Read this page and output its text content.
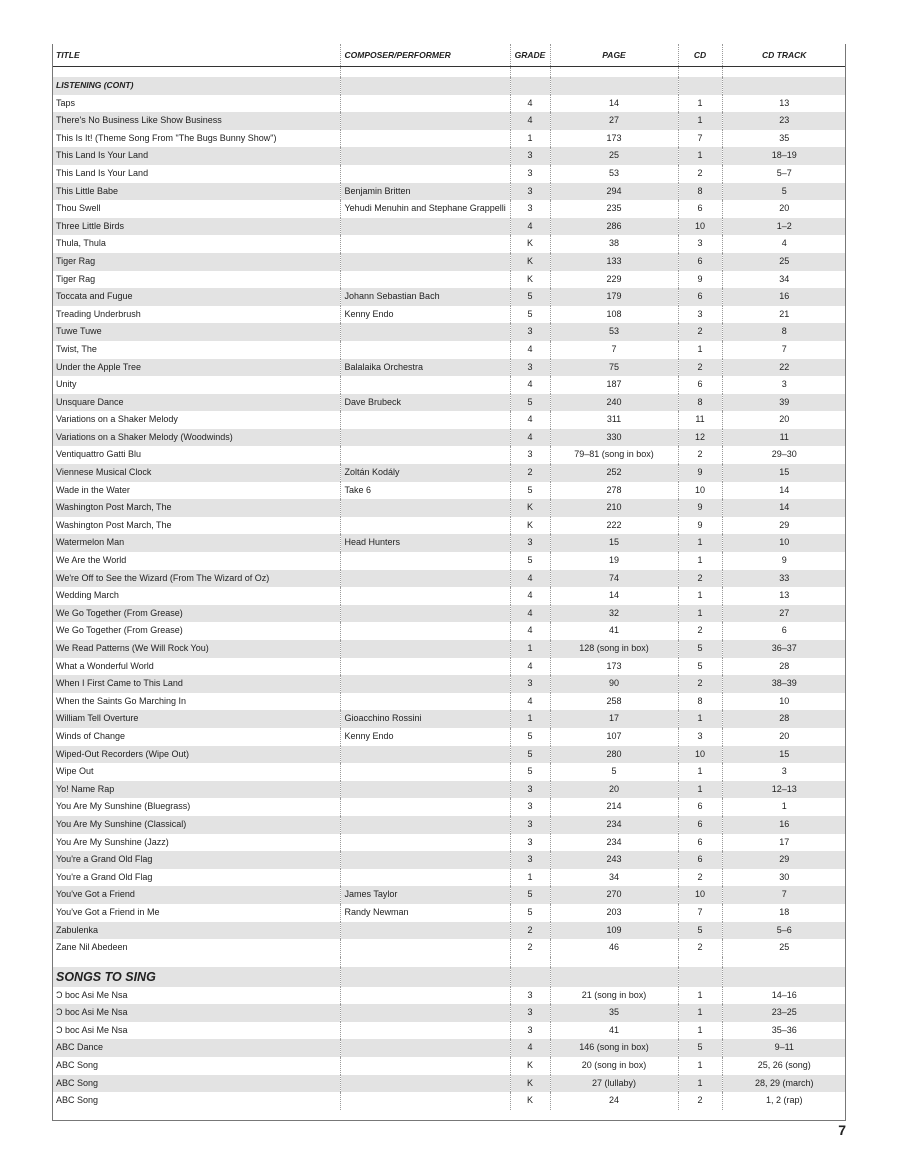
TITLE	COMPOSER/PERFORMER	GRADE	PAGE	CD	CD TRACK

LISTENING (CONT)					
Taps		4	14	1	13
There's No Business Like Show Business		4	27	1	23
This Is It! (Theme Song From "The Bugs Bunny Show")		1	173	7	35
This Land Is Your Land		3	25	1	18–19
This Land Is Your Land		3	53	2	5–7
This Little Babe	Benjamin Britten	3	294	8	5
Thou Swell	Yehudi Menuhin and Stephane Grappelli	3	235	6	20
Three Little Birds		4	286	10	1–2
Thula, Thula		K	38	3	4
Tiger Rag		K	133	6	25
Tiger Rag		K	229	9	34
Toccata and Fugue	Johann Sebastian Bach	5	179	6	16
Treading Underbrush	Kenny Endo	5	108	3	21
Tuwe Tuwe		3	53	2	8
Twist, The		4	7	1	7
Under the Apple Tree	Balalaika Orchestra	3	75	2	22
Unity		4	187	6	3
Unsquare Dance	Dave Brubeck	5	240	8	39
Variations on a Shaker Melody		4	311	11	20
Variations on a Shaker Melody (Woodwinds)		4	330	12	11
Ventiquattro Gatti Blu		3	79–81 (song in box)	2	29–30
Viennese Musical Clock	Zoltán Kodály	2	252	9	15
Wade in the Water	Take 6	5	278	10	14
Washington Post March, The		K	210	9	14
Washington Post March, The		K	222	9	29
Watermelon Man	Head Hunters	3	15	1	10
We Are the World		5	19	1	9
We're Off to See the Wizard (From The Wizard of Oz)		4	74	2	33
Wedding March		4	14	1	13
We Go Together (From Grease)		4	32	1	27
We Go Together (From Grease)		4	41	2	6
We Read Patterns (We Will Rock You)		1	128 (song in box)	5	36–37
What a Wonderful World		4	173	5	28
When I First Came to This Land		3	90	2	38–39
When the Saints Go Marching In		4	258	8	10
William Tell Overture	Gioacchino Rossini	1	17	1	28
Winds of Change	Kenny Endo	5	107	3	20
Wiped-Out Recorders (Wipe Out)		5	280	10	15
Wipe Out		5	5	1	3
Yo! Name Rap		3	20	1	12–13
You Are My Sunshine (Bluegrass)		3	214	6	1
You Are My Sunshine (Classical)		3	234	6	16
You Are My Sunshine (Jazz)		3	234	6	17
You're a Grand Old Flag		3	243	6	29
You're a Grand Old Flag		1	34	2	30
You've Got a Friend	James Taylor	5	270	10	7
You've Got a Friend in Me	Randy Newman	5	203	7	18
Zabulenka		2	109	5	5–6
Zane Nil Abedeen		2	46	2	25

SONGS TO SING					
Ɔ boc Asi Me Nsa		3	21 (song in box)	1	14–16
Ɔ boc Asi Me Nsa		3	35	1	23–25
Ɔ boc Asi Me Nsa		3	41	1	35–36
ABC Dance		4	146 (song in box)	5	9–11
ABC Song		K	20 (song in box)	1	25, 26 (song)
ABC Song		K	27 (lullaby)	1	28, 29 (march)
ABC Song		K	24	2	1, 2 (rap)
7
